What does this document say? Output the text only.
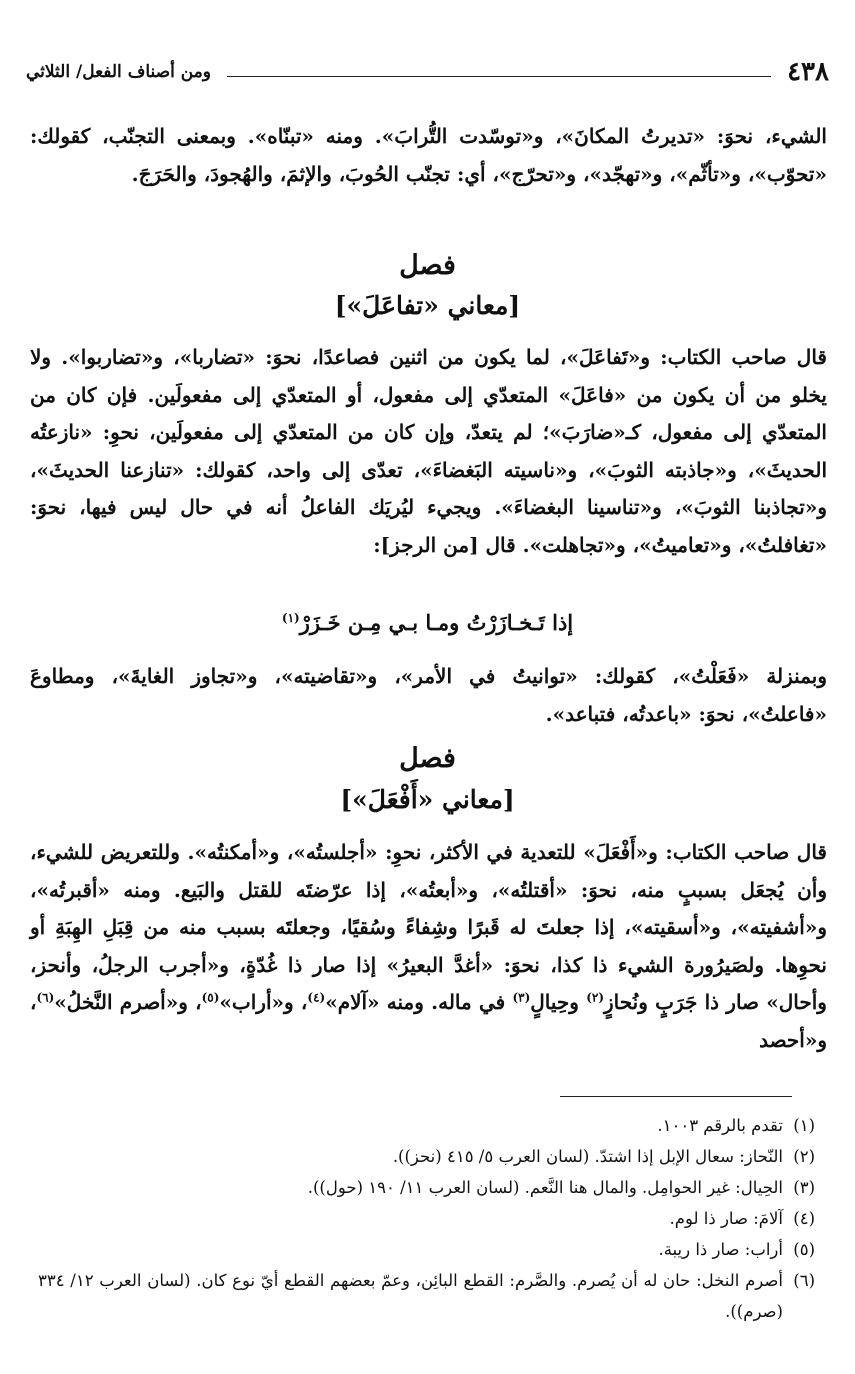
٤٣٨
ومن أصناف الفعل/ الثلاثي

الشيء، نحوَ: «تديرتُ المكانَ»، و«توسّدت التُّرابَ». ومنه «تبنّاه». وبمعنى التجنّب، كقولك: «تحوّب»، و«تأثّم»، و«تهجّد»، و«تحرّج»، أي: تجنّب الحُوبَ، والإثمَ، والهُجودَ، والحَرَجَ.

فصل
[معاني «تفاعَلَ»]

قال صاحب الكتاب: و«تَفاعَلَ»، لما يكون من اثنين فصاعدًا، نحوَ: «تضاربا»، و«تضاربوا». ولا يخلو من أن يكون من «فاعَلَ» المتعدّي إلى مفعول، أو المتعدّي إلى مفعولَين. فإن كان من المتعدّي إلى مفعول، كـ«ضارَبَ»؛ لم يتعدّ، وإن كان من المتعدّي إلى مفعولَين، نحوِ: «نازعتُه الحديثَ»، و«جاذبته الثوبَ»، و«ناسيته البَغضاءَ»، تعدّى إلى واحد، كقولك: «تنازعنا الحديثَ»، و«تجاذبنا الثوبَ»، و«تناسينا البغضاءَ». ويجيء ليُريَك الفاعلُ أنه في حال ليس فيها، نحوَ: «تغافلتُ»، و«تعاميتُ»، و«تجاهلت». قال [من الرجز]:

إذا تَـخـازَرْتُ ومـا بـي مِـن خَـزَرْ$^{(١)}$

وبمنزلة «فَعَلْتُ»، كقولك: «توانيتُ في الأمر»، و«تقاضيته»، و«تجاوز الغايةَ»، ومطاوعَ «فاعلتُ»، نحوَ: «باعدتُه، فتباعد».

فصل
[معاني «أَفْعَلَ»]

قال صاحب الكتاب: و«أَفْعَلَ» للتعدية في الأكثر، نحوِ: «أجلستُه»، و«أمكنتُه». وللتعريض للشيء، وأن يُجعَل بسببٍ منه، نحوَ: «أقتلتُه»، و«أبعتُه»، إذا عرّضتَه للقتل والبَيع. ومنه «أقبرتُه»، و«أشفيته»، و«أسقيته»، إذا جعلتَ له قَبرًا وشِفاءً وسُقيًا، وجعلتَه بسبب منه من قِبَلِ الهِبَةِ أو نحوِها. ولصَيرُورة الشيء ذا كذا، نحوَ: «أغدَّ البعيرُ» إذا صار ذا غُدّةٍ، و«أجرب الرجلُ، وأنحز، وأحال» صار ذا جَرَبٍ ونُحازٍ$^{(٢)}$ وحِيالٍ$^{(٣)}$ في ماله. ومنه «آلام»$^{(٤)}$، و«أراب»$^{(٥)}$، و«أصرم النَّخلُ»$^{(٦)}$، و«أحصد

(١)
تقدم بالرقم ١٠٠٣.
(٢)
النّحاز: سعال الإبل إذا اشتدّ. (لسان العرب ٥/ ٤١٥ (نحز)).
(٣)
الحِيال: غير الحوامِل. والمال هنا النَّعم. (لسان العرب ١١/ ١٩٠ (حول)).
(٤)
آلامَ: صار ذا لوم.
(٥)
أراب: صار ذا ريبة.
(٦)
أصرم النخل: حان له أن يُصرم. والصَّرم: القطع البائِن، وعمّ بعضهم القطع أيّ نوع كان. (لسان العرب ١٢/ ٣٣٤ (صرم)).
